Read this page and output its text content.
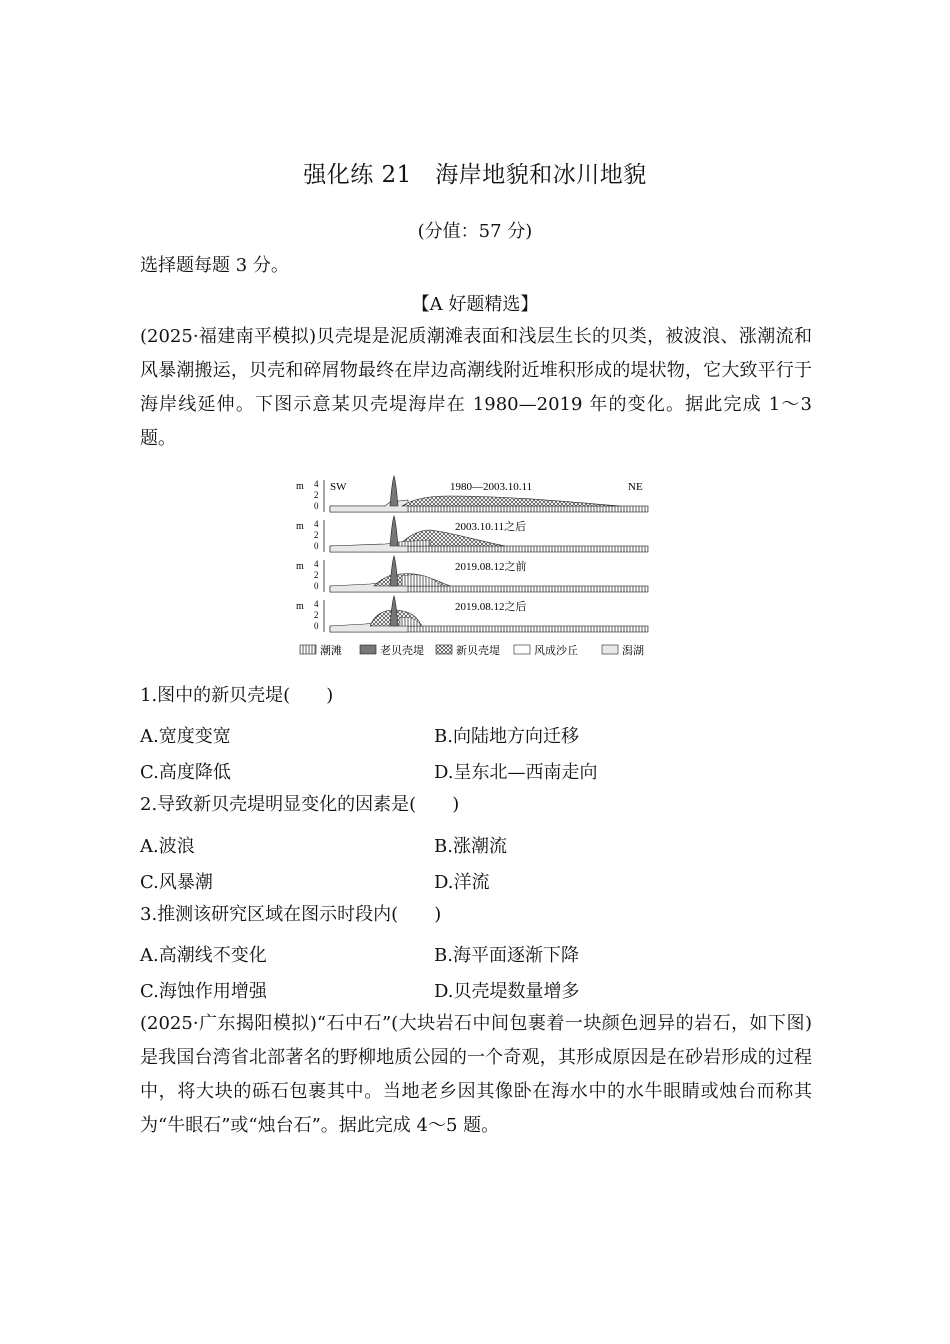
强化练 21　海岸地貌和冰川地貌
(分值：57 分)
选择题每题 3 分。
【A 好题精选】
(2025·福建南平模拟)贝壳堤是泥质潮滩表面和浅层生长的贝类，被波浪、涨潮流和风暴潮搬运，贝壳和碎屑物最终在岸边高潮线附近堆积形成的堤状物，它大致平行于海岸线延伸。下图示意某贝壳堤海岸在 1980—2019 年的变化。据此完成 1～3 题。
m 4
2
0
SW	NE
1980—2003.10.11
m 4
2
0
2003.10.11之后
m 4
2
0
2019.08.12之前
m 4
2
0
2019.08.12之后
潮滩	老贝壳堤	新贝壳堤	风成沙丘	潟湖
1.图中的新贝壳堤(　　)
A.宽度变宽	B.向陆地方向迁移
C.高度降低	D.呈东北—西南走向
2.导致新贝壳堤明显变化的因素是(　　)
A.波浪	B.涨潮流
C.风暴潮	D.洋流
3.推测该研究区域在图示时段内(　　)
A.高潮线不变化	B.海平面逐渐下降
C.海蚀作用增强	D.贝壳堤数量增多
(2025·广东揭阳模拟)“石中石”(大块岩石中间包裹着一块颜色迥异的岩石，如下图)是我国台湾省北部著名的野柳地质公园的一个奇观，其形成原因是在砂岩形成的过程中，将大块的砾石包裹其中。当地老乡因其像卧在海水中的水牛眼睛或烛台而称其为“牛眼石”或“烛台石”。据此完成 4～5 题。
